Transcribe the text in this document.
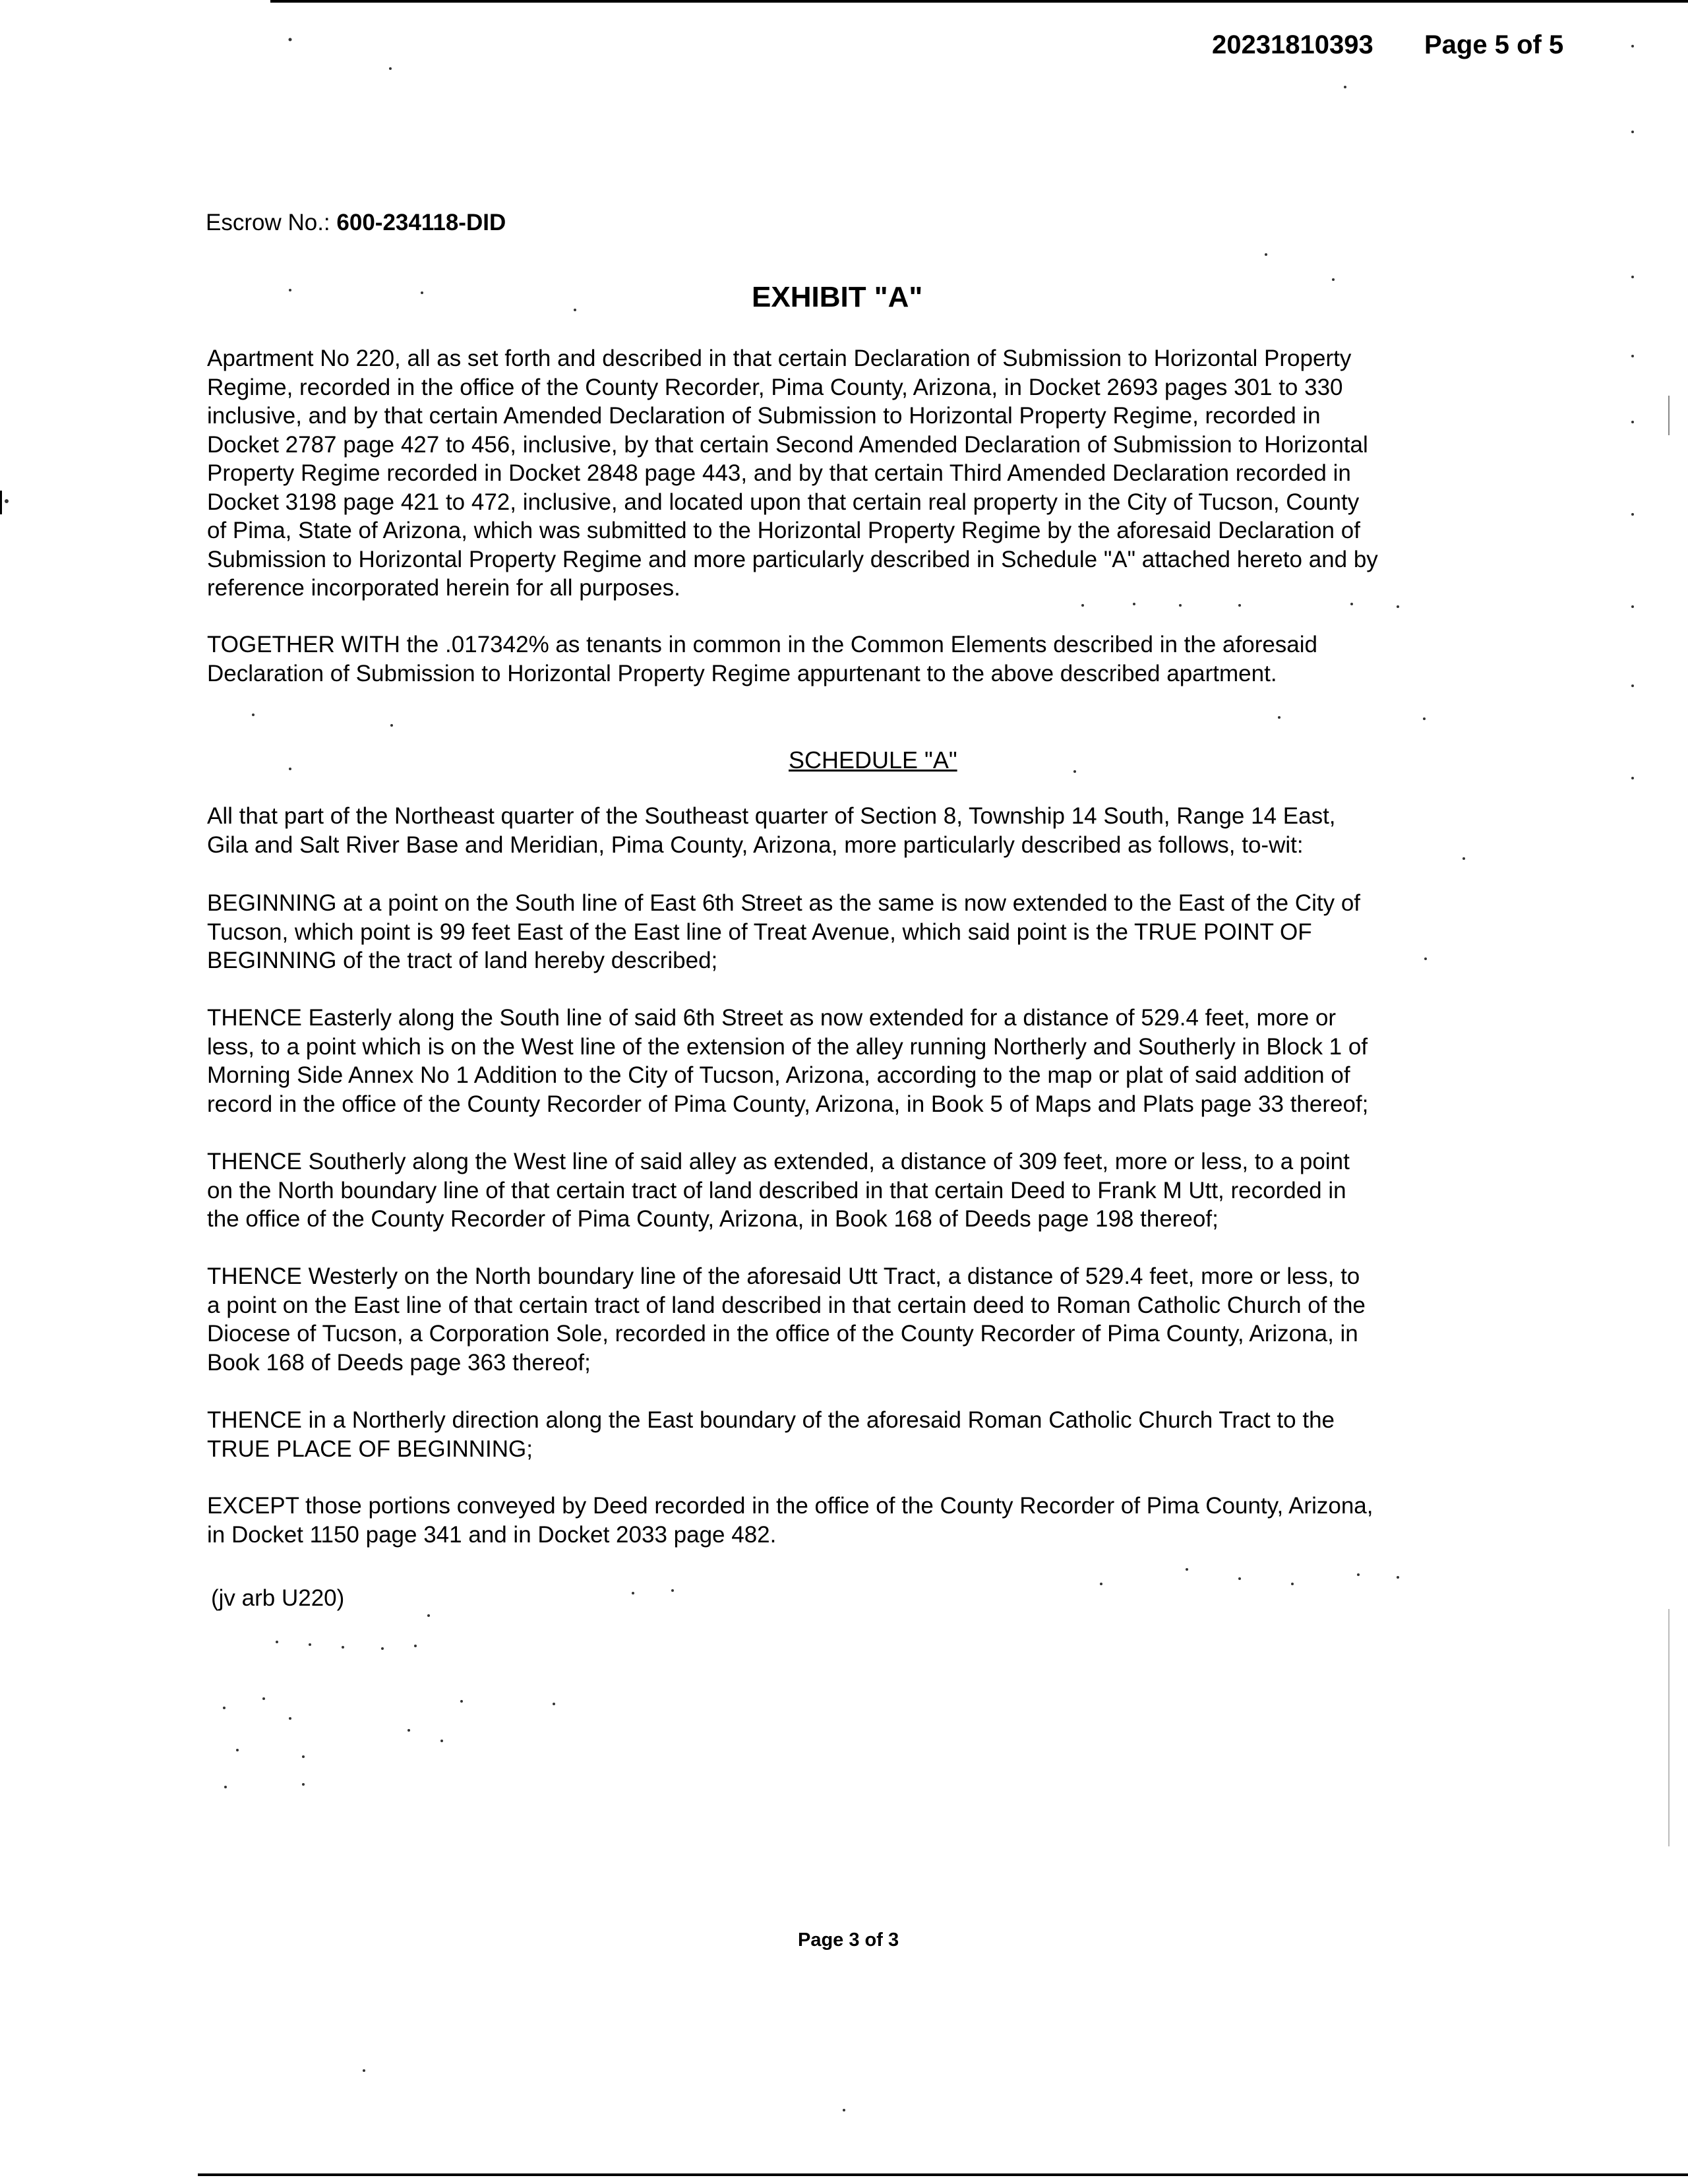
20231810393 Page 5 of 5
Escrow No.: 600-234118-DID
EXHIBIT "A"
Apartment No 220, all as set forth and described in that certain Declaration of Submission to Horizontal Property
Regime, recorded in the office of the County Recorder, Pima County, Arizona, in Docket 2693 pages 301 to 330
inclusive, and by that certain Amended Declaration of Submission to Horizontal Property Regime, recorded in
Docket 2787 page 427 to 456, inclusive, by that certain Second Amended Declaration of Submission to Horizontal
Property Regime recorded in Docket 2848 page 443, and by that certain Third Amended Declaration recorded in
Docket 3198 page 421 to 472, inclusive, and located upon that certain real property in the City of Tucson, County
of Pima, State of Arizona, which was submitted to the Horizontal Property Regime by the aforesaid Declaration of
Submission to Horizontal Property Regime and more particularly described in Schedule "A" attached hereto and by
reference incorporated herein for all purposes.
TOGETHER WITH the .017342% as tenants in common in the Common Elements described in the aforesaid
Declaration of Submission to Horizontal Property Regime appurtenant to the above described apartment.
SCHEDULE "A"
All that part of the Northeast quarter of the Southeast quarter of Section 8, Township 14 South, Range 14 East,
Gila and Salt River Base and Meridian, Pima County, Arizona, more particularly described as follows, to-wit:
BEGINNING at a point on the South line of East 6th Street as the same is now extended to the East of the City of
Tucson, which point is 99 feet East of the East line of Treat Avenue, which said point is the TRUE POINT OF
BEGINNING of the tract of land hereby described;
THENCE Easterly along the South line of said 6th Street as now extended for a distance of 529.4 feet, more or
less, to a point which is on the West line of the extension of the alley running Northerly and Southerly in Block 1 of
Morning Side Annex No 1 Addition to the City of Tucson, Arizona, according to the map or plat of said addition of
record in the office of the County Recorder of Pima County, Arizona, in Book 5 of Maps and Plats page 33 thereof;
THENCE Southerly along the West line of said alley as extended, a distance of 309 feet, more or less, to a point
on the North boundary line of that certain tract of land described in that certain Deed to Frank M Utt, recorded in
the office of the County Recorder of Pima County, Arizona, in Book 168 of Deeds page 198 thereof;
THENCE Westerly on the North boundary line of the aforesaid Utt Tract, a distance of 529.4 feet, more or less, to
a point on the East line of that certain tract of land described in that certain deed to Roman Catholic Church of the
Diocese of Tucson, a Corporation Sole, recorded in the office of the County Recorder of Pima County, Arizona, in
Book 168 of Deeds page 363 thereof;
THENCE in a Northerly direction along the East boundary of the aforesaid Roman Catholic Church Tract to the
TRUE PLACE OF BEGINNING;
EXCEPT those portions conveyed by Deed recorded in the office of the County Recorder of Pima County, Arizona,
in Docket 1150 page 341 and in Docket 2033 page 482.
(jv arb U220)
Page 3 of 3
